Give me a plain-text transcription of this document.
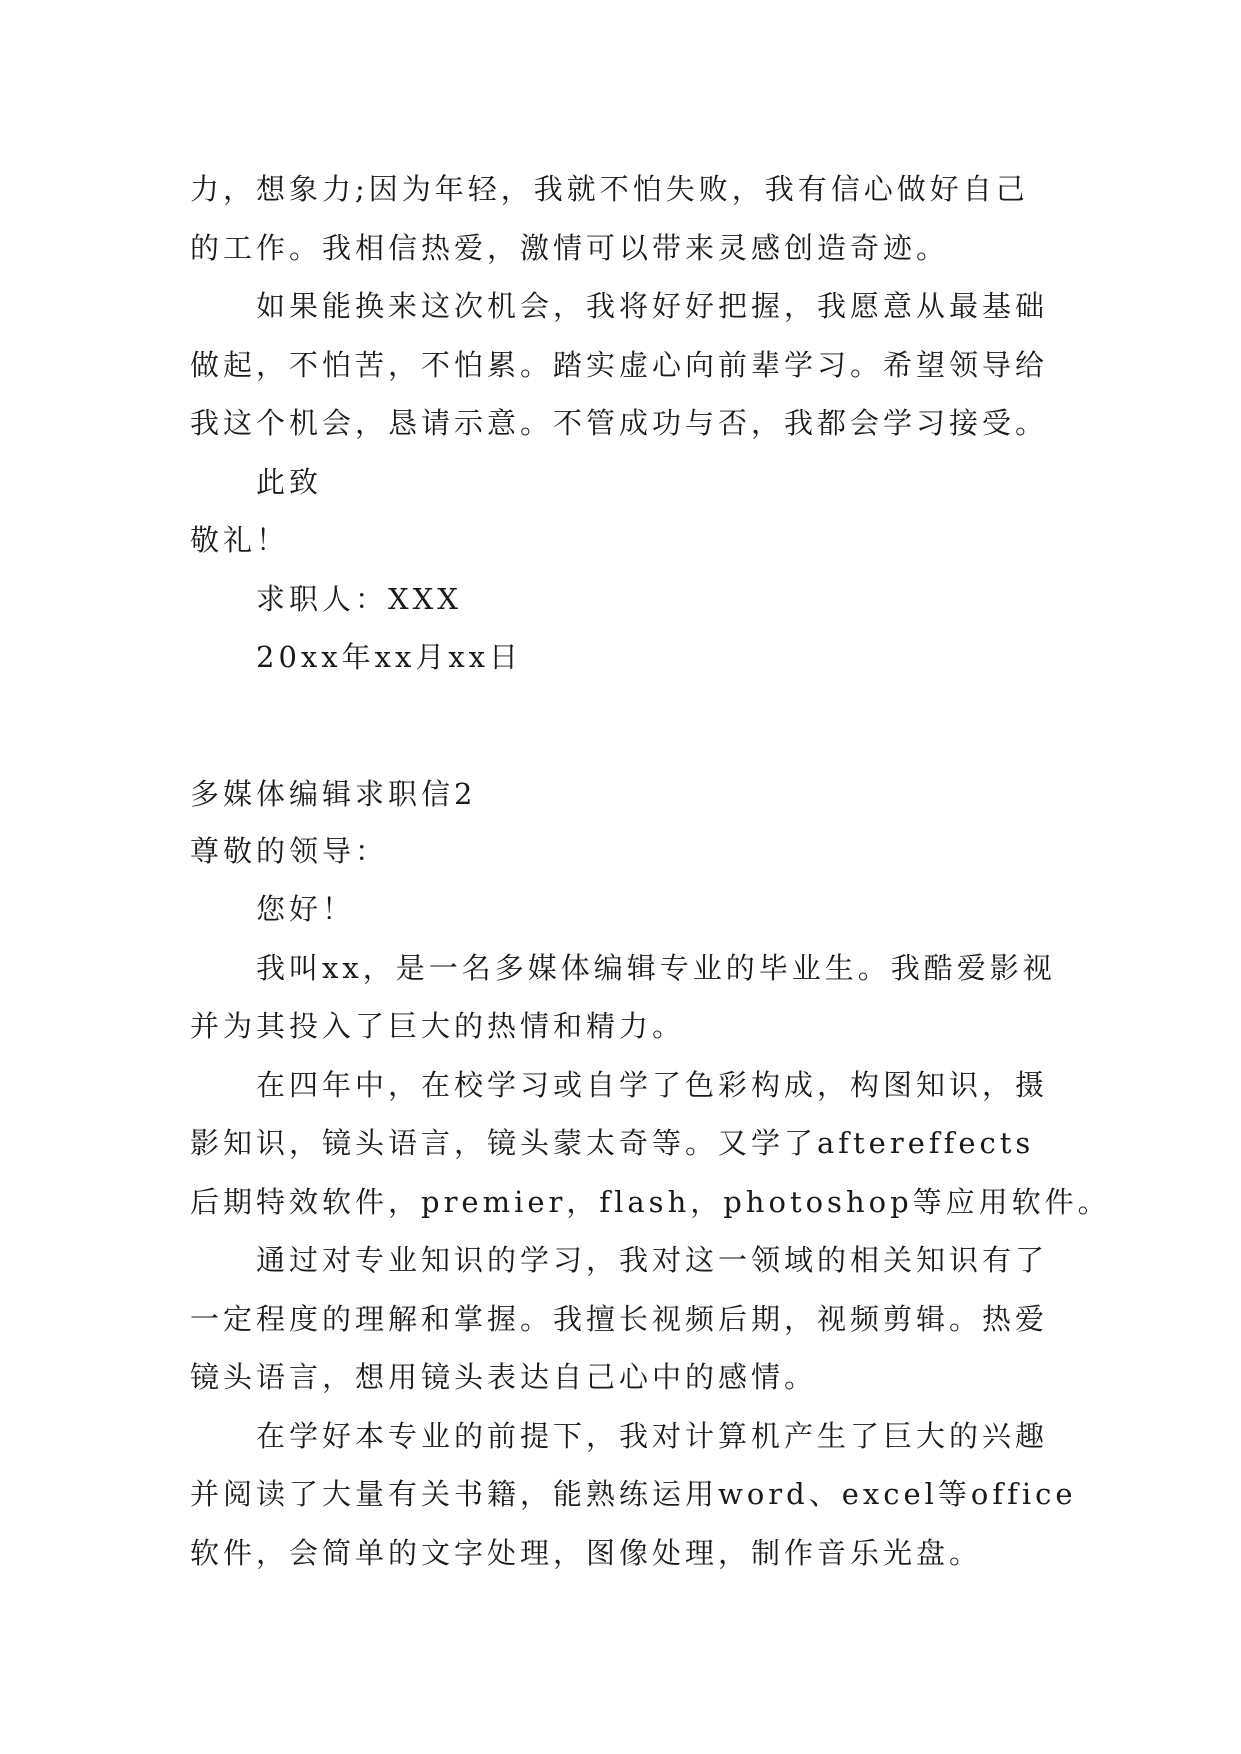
力，想象力;因为年轻，我就不怕失败，我有信心做好自己
的工作。我相信热爱，激情可以带来灵感创造奇迹。
如果能换来这次机会，我将好好把握，我愿意从最基础
做起，不怕苦，不怕累。踏实虚心向前辈学习。希望领导给
我这个机会，恳请示意。不管成功与否，我都会学习接受。
此致
敬礼！
求职人：XXX
20xx年xx月xx日
多媒体编辑求职信2
尊敬的领导：
您好！
我叫xx，是一名多媒体编辑专业的毕业生。我酷爱影视
并为其投入了巨大的热情和精力。
在四年中，在校学习或自学了色彩构成，构图知识，摄
影知识，镜头语言，镜头蒙太奇等。又学了aftereffects
后期特效软件，premier，flash，photoshop等应用软件。
通过对专业知识的学习，我对这一领域的相关知识有了
一定程度的理解和掌握。我擅长视频后期，视频剪辑。热爱
镜头语言，想用镜头表达自己心中的感情。
在学好本专业的前提下，我对计算机产生了巨大的兴趣
并阅读了大量有关书籍，能熟练运用word、excel等office
软件，会简单的文字处理，图像处理，制作音乐光盘。
